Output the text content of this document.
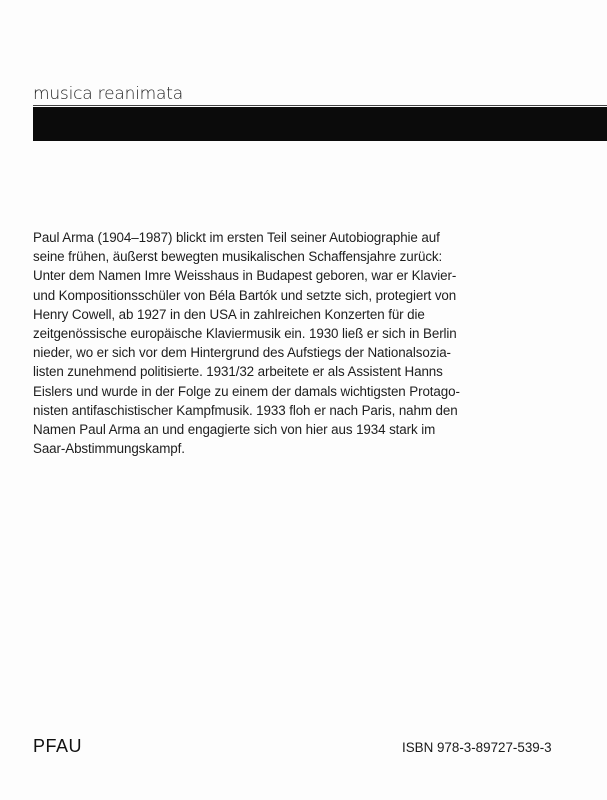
musica reanimata
Paul Arma (1904–1987) blickt im ersten Teil seiner Autobiographie auf
seine frühen, äußerst bewegten musikalischen Schaffensjahre zurück:
Unter dem Namen Imre Weisshaus in Budapest geboren, war er Klavier-
und Kompositionsschüler von Béla Bartók und setzte sich, protegiert von
Henry Cowell, ab 1927 in den USA in zahlreichen Konzerten für die
zeitgenössische europäische Klaviermusik ein. 1930 ließ er sich in Berlin
nieder, wo er sich vor dem Hintergrund des Aufstiegs der Nationalsozia-
listen zunehmend politisierte. 1931/32 arbeitete er als Assistent Hanns
Eislers und wurde in der Folge zu einem der damals wichtigsten Protago-
nisten antifaschistischer Kampfmusik. 1933 floh er nach Paris, nahm den
Namen Paul Arma an und engagierte sich von hier aus 1934 stark im
Saar-Abstimmungskampf.
PFAU	ISBN 978-3-89727-539-3
